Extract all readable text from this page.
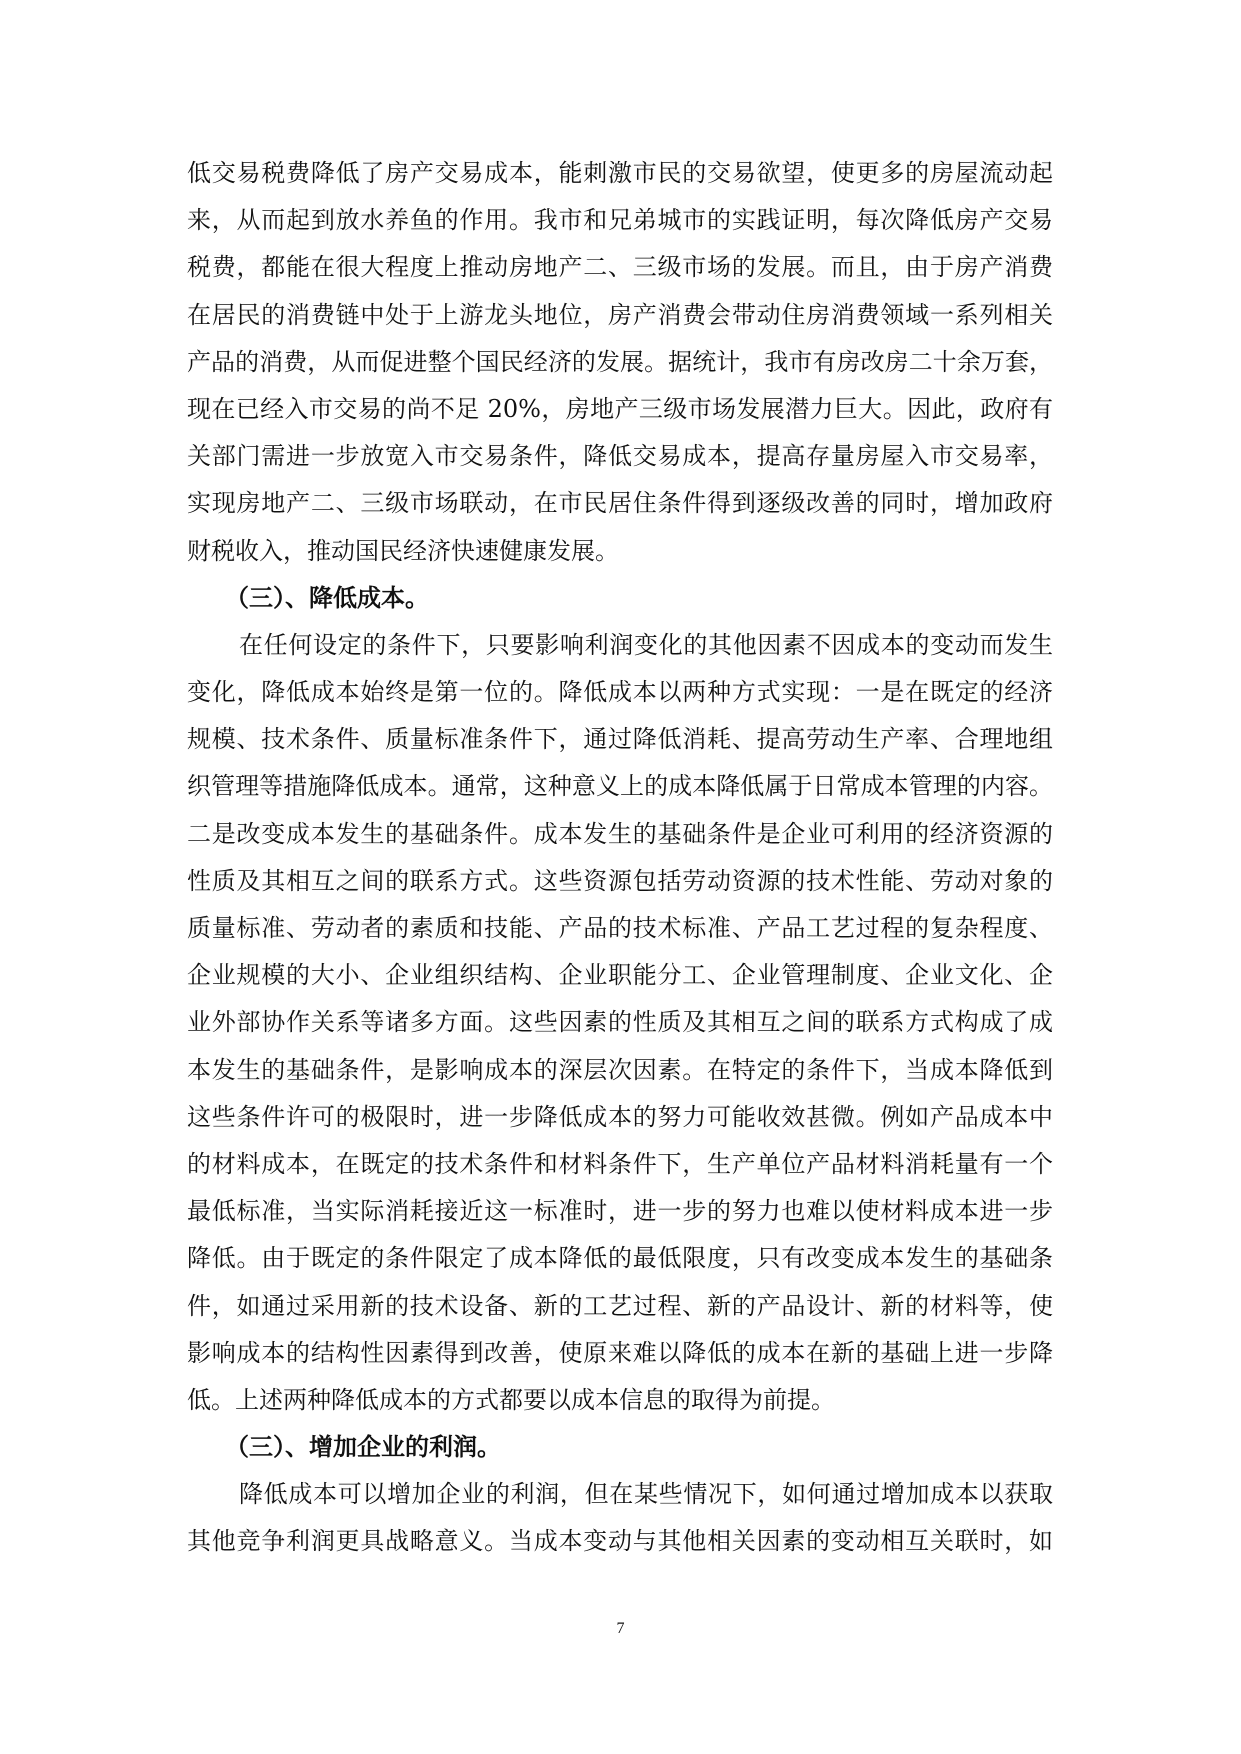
低交易税费降低了房产交易成本，能刺激市民的交易欲望，使更多的房屋流动起
来，从而起到放水养鱼的作用。我市和兄弟城市的实践证明，每次降低房产交易
税费，都能在很大程度上推动房地产二、三级市场的发展。而且，由于房产消费
在居民的消费链中处于上游龙头地位，房产消费会带动住房消费领域一系列相关
产品的消费，从而促进整个国民经济的发展。据统计，我市有房改房二十余万套，
现在已经入市交易的尚不足 20%，房地产三级市场发展潜力巨大。因此，政府有
关部门需进一步放宽入市交易条件，降低交易成本，提高存量房屋入市交易率，
实现房地产二、三级市场联动，在市民居住条件得到逐级改善的同时，增加政府
财税收入，推动国民经济快速健康发展。
（三）、降低成本。
在任何设定的条件下，只要影响利润变化的其他因素不因成本的变动而发生
变化，降低成本始终是第一位的。降低成本以两种方式实现：一是在既定的经济
规模、技术条件、质量标准条件下，通过降低消耗、提高劳动生产率、合理地组
织管理等措施降低成本。通常，这种意义上的成本降低属于日常成本管理的内容。
二是改变成本发生的基础条件。成本发生的基础条件是企业可利用的经济资源的
性质及其相互之间的联系方式。这些资源包括劳动资源的技术性能、劳动对象的
质量标准、劳动者的素质和技能、产品的技术标准、产品工艺过程的复杂程度、
企业规模的大小、企业组织结构、企业职能分工、企业管理制度、企业文化、企
业外部协作关系等诸多方面。这些因素的性质及其相互之间的联系方式构成了成
本发生的基础条件，是影响成本的深层次因素。在特定的条件下，当成本降低到
这些条件许可的极限时，进一步降低成本的努力可能收效甚微。例如产品成本中
的材料成本，在既定的技术条件和材料条件下，生产单位产品材料消耗量有一个
最低标准，当实际消耗接近这一标准时，进一步的努力也难以使材料成本进一步
降低。由于既定的条件限定了成本降低的最低限度，只有改变成本发生的基础条
件，如通过采用新的技术设备、新的工艺过程、新的产品设计、新的材料等，使
影响成本的结构性因素得到改善，使原来难以降低的成本在新的基础上进一步降
低。上述两种降低成本的方式都要以成本信息的取得为前提。
（三）、增加企业的利润。
降低成本可以增加企业的利润，但在某些情况下，如何通过增加成本以获取
其他竞争利润更具战略意义。当成本变动与其他相关因素的变动相互关联时，如
7
